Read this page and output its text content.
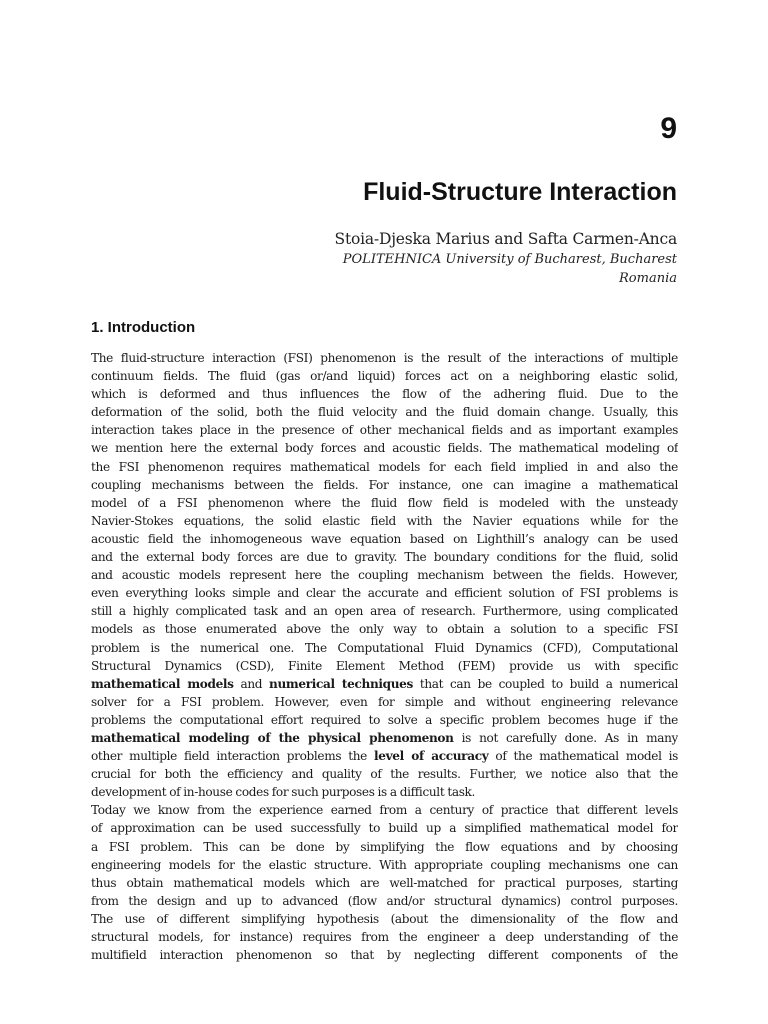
9
Fluid-Structure Interaction
Stoia-Djeska Marius and Safta Carmen-Anca
POLITEHNICA University of Bucharest, Bucharest
Romania
1. Introduction
The fluid-structure interaction (FSI) phenomenon is the result of the interactions of multiple
continuum fields. The fluid (gas or/and liquid) forces act on a neighboring elastic solid,
which is deformed and thus influences the flow of the adhering fluid. Due to the
deformation of the solid, both the fluid velocity and the fluid domain change. Usually, this
interaction takes place in the presence of other mechanical fields and as important examples
we mention here the external body forces and acoustic fields. The mathematical modeling of
the FSI phenomenon requires mathematical models for each field implied in and also the
coupling mechanisms between the fields. For instance, one can imagine a mathematical
model of a FSI phenomenon where the fluid flow field is modeled with the unsteady
Navier-Stokes equations, the solid elastic field with the Navier equations while for the
acoustic field the inhomogeneous wave equation based on Lighthill’s analogy can be used
and the external body forces are due to gravity. The boundary conditions for the fluid, solid
and acoustic models represent here the coupling mechanism between the fields. However,
even everything looks simple and clear the accurate and efficient solution of FSI problems is
still a highly complicated task and an open area of research. Furthermore, using complicated
models as those enumerated above the only way to obtain a solution to a specific FSI
problem is the numerical one. The Computational Fluid Dynamics (CFD), Computational
Structural Dynamics (CSD), Finite Element Method (FEM) provide us with specific
mathematical models and numerical techniques that can be coupled to build a numerical
solver for a FSI problem. However, even for simple and without engineering relevance
problems the computational effort required to solve a specific problem becomes huge if the
mathematical modeling of the physical phenomenon is not carefully done. As in many
other multiple field interaction problems the level of accuracy of the mathematical model is
crucial for both the efficiency and quality of the results. Further, we notice also that the
development of in-house codes for such purposes is a difficult task.
Today we know from the experience earned from a century of practice that different levels
of approximation can be used successfully to build up a simplified mathematical model for
a FSI problem. This can be done by simplifying the flow equations and by choosing
engineering models for the elastic structure. With appropriate coupling mechanisms one can
thus obtain mathematical models which are well-matched for practical purposes, starting
from the design and up to advanced (flow and/or structural dynamics) control purposes.
The use of different simplifying hypothesis (about the dimensionality of the flow and
structural models, for instance) requires from the engineer a deep understanding of the
multifield interaction phenomenon so that by neglecting different components of the
